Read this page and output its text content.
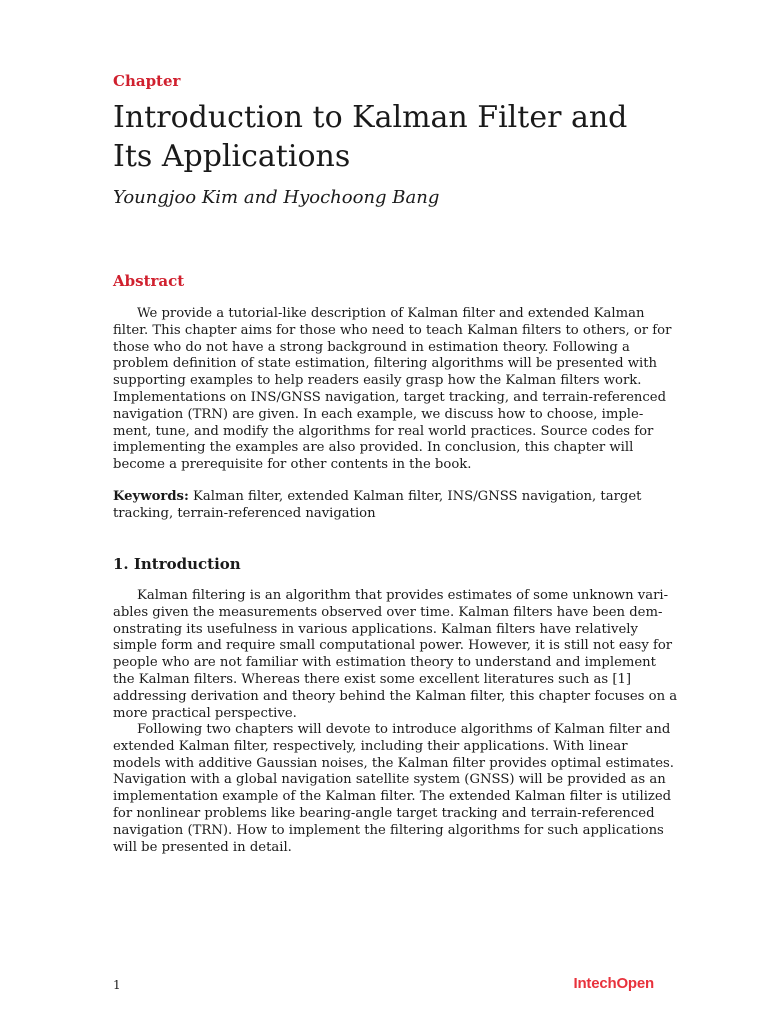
Chapter
Introduction to Kalman Filter and
Its Applications
Youngjoo Kim and Hyochoong Bang
Abstract
We provide a tutorial-like description of Kalman filter and extended Kalman
filter. This chapter aims for those who need to teach Kalman filters to others, or for
those who do not have a strong background in estimation theory. Following a
problem definition of state estimation, filtering algorithms will be presented with
supporting examples to help readers easily grasp how the Kalman filters work.
Implementations on INS/GNSS navigation, target tracking, and terrain-referenced
navigation (TRN) are given. In each example, we discuss how to choose, imple-
ment, tune, and modify the algorithms for real world practices. Source codes for
implementing the examples are also provided. In conclusion, this chapter will
become a prerequisite for other contents in the book.
Keywords: Kalman filter, extended Kalman filter, INS/GNSS navigation, target
tracking, terrain-referenced navigation
1. Introduction
Kalman filtering is an algorithm that provides estimates of some unknown vari-
ables given the measurements observed over time. Kalman filters have been dem-
onstrating its usefulness in various applications. Kalman filters have relatively
simple form and require small computational power. However, it is still not easy for
people who are not familiar with estimation theory to understand and implement
the Kalman filters. Whereas there exist some excellent literatures such as [1]
addressing derivation and theory behind the Kalman filter, this chapter focuses on a
more practical perspective.
Following two chapters will devote to introduce algorithms of Kalman filter and
extended Kalman filter, respectively, including their applications. With linear
models with additive Gaussian noises, the Kalman filter provides optimal estimates.
Navigation with a global navigation satellite system (GNSS) will be provided as an
implementation example of the Kalman filter. The extended Kalman filter is utilized
for nonlinear problems like bearing-angle target tracking and terrain-referenced
navigation (TRN). How to implement the filtering algorithms for such applications
will be presented in detail.
1	IntechOpen
